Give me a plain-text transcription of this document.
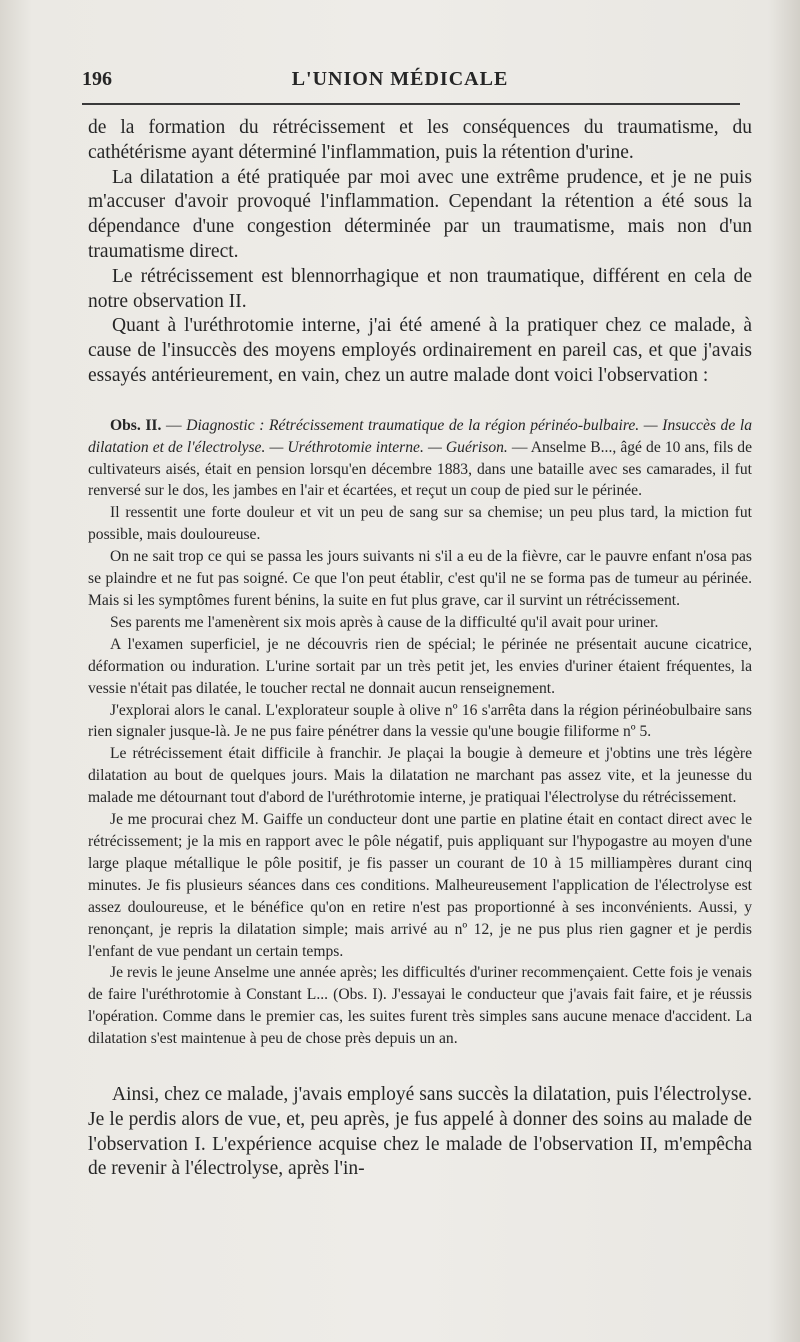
196	L'UNION MÉDICALE

de la formation du rétrécissement et les conséquences du traumatisme, du cathétérisme ayant déterminé l'inflammation, puis la rétention d'urine.

La dilatation a été pratiquée par moi avec une extrême prudence, et je ne puis m'accuser d'avoir provoqué l'inflammation. Cependant la rétention a été sous la dépendance d'une congestion déterminée par un traumatisme, mais non d'un traumatisme direct.

Le rétrécissement est blennorrhagique et non traumatique, différent en cela de notre observation II.

Quant à l'uréthrotomie interne, j'ai été amené à la pratiquer chez ce malade, à cause de l'insuccès des moyens employés ordinairement en pareil cas, et que j'avais essayés antérieurement, en vain, chez un autre malade dont voici l'observation :

Obs. II. — Diagnostic : Rétrécissement traumatique de la région périnéo-bulbaire. — Insuccès de la dilatation et de l'électrolyse. — Uréthrotomie interne. — Guérison. — Anselme B..., âgé de 10 ans, fils de cultivateurs aisés, était en pension lorsqu'en décembre 1883, dans une bataille avec ses camarades, il fut renversé sur le dos, les jambes en l'air et écartées, et reçut un coup de pied sur le périnée.

Il ressentit une forte douleur et vit un peu de sang sur sa chemise; un peu plus tard, la miction fut possible, mais douloureuse.

On ne sait trop ce qui se passa les jours suivants ni s'il a eu de la fièvre, car le pauvre enfant n'osa pas se plaindre et ne fut pas soigné. Ce que l'on peut établir, c'est qu'il ne se forma pas de tumeur au périnée. Mais si les symptômes furent bénins, la suite en fut plus grave, car il survint un rétrécissement.

Ses parents me l'amenèrent six mois après à cause de la difficulté qu'il avait pour uriner.

A l'examen superficiel, je ne découvris rien de spécial; le périnée ne présentait aucune cicatrice, déformation ou induration. L'urine sortait par un très petit jet, les envies d'uriner étaient fréquentes, la vessie n'était pas dilatée, le toucher rectal ne donnait aucun renseignement.

J'explorai alors le canal. L'explorateur souple à olive nº 16 s'arrêta dans la région périnéobulbaire sans rien signaler jusque-là. Je ne pus faire pénétrer dans la vessie qu'une bougie filiforme nº 5.

Le rétrécissement était difficile à franchir. Je plaçai la bougie à demeure et j'obtins une très légère dilatation au bout de quelques jours. Mais la dilatation ne marchant pas assez vite, et la jeunesse du malade me détournant tout d'abord de l'uréthrotomie interne, je pratiquai l'électrolyse du rétrécissement.

Je me procurai chez M. Gaiffe un conducteur dont une partie en platine était en contact direct avec le rétrécissement; je la mis en rapport avec le pôle négatif, puis appliquant sur l'hypogastre au moyen d'une large plaque métallique le pôle positif, je fis passer un courant de 10 à 15 milliampères durant cinq minutes. Je fis plusieurs séances dans ces conditions. Malheureusement l'application de l'électrolyse est assez douloureuse, et le bénéfice qu'on en retire n'est pas proportionné à ses inconvénients. Aussi, y renonçant, je repris la dilatation simple; mais arrivé au nº 12, je ne pus plus rien gagner et je perdis l'enfant de vue pendant un certain temps.

Je revis le jeune Anselme une année après; les difficultés d'uriner recommençaient. Cette fois je venais de faire l'uréthrotomie à Constant L... (Obs. I). J'essayai le conducteur que j'avais fait faire, et je réussis l'opération. Comme dans le premier cas, les suites furent très simples sans aucune menace d'accident. La dilatation s'est maintenue à peu de chose près depuis un an.

Ainsi, chez ce malade, j'avais employé sans succès la dilatation, puis l'électrolyse. Je le perdis alors de vue, et, peu après, je fus appelé à donner des soins au malade de l'observation I. L'expérience acquise chez le malade de l'observation II, m'empêcha de revenir à l'électrolyse, après l'in-
